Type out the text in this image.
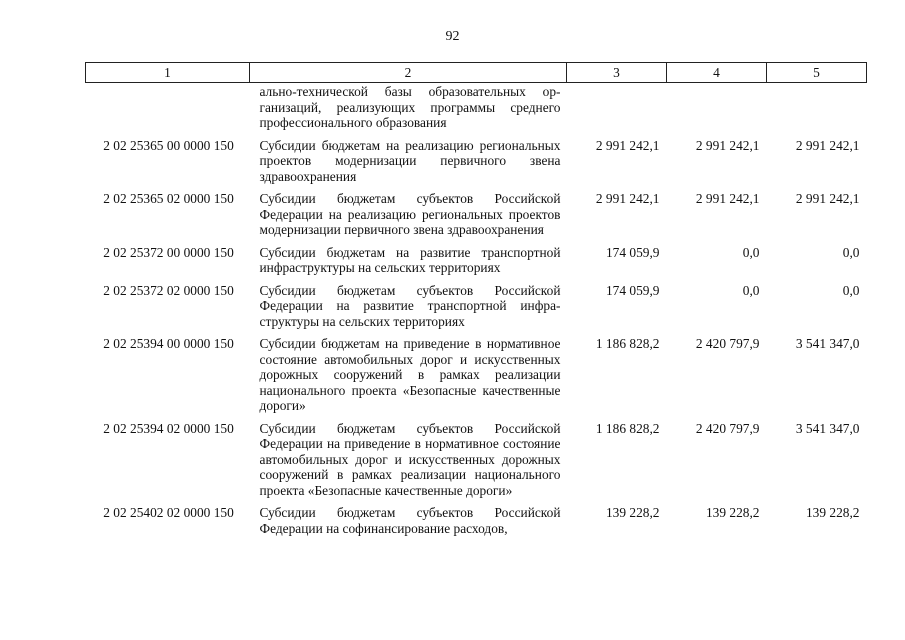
92
1	2	3	4	5
	ально-технической базы образовательных организаций, реализующих программы среднего профессионального образования			
2 02 25365 00 0000 150	Субсидии бюджетам на реализацию региональных проектов модернизации первичного звена здравоохранения	2 991 242,1	2 991 242,1	2 991 242,1
2 02 25365 02 0000 150	Субсидии бюджетам субъектов Российской Федерации на реализацию региональных проектов модернизации первичного звена здравоохранения	2 991 242,1	2 991 242,1	2 991 242,1
2 02 25372 00 0000 150	Субсидии бюджетам на развитие транспортной инфраструктуры на сельских территориях	174 059,9	0,0	0,0
2 02 25372 02 0000 150	Субсидии бюджетам субъектов Российской Федерации на развитие транспортной инфраструктуры на сельских территориях	174 059,9	0,0	0,0
2 02 25394 00 0000 150	Субсидии бюджетам на приведение в нормативное состояние автомобильных дорог и искусственных дорожных сооружений в рамках реализации национального проекта «Безопасные качественные дороги»	1 186 828,2	2 420 797,9	3 541 347,0
2 02 25394 02 0000 150	Субсидии бюджетам субъектов Российской Федерации на приведение в нормативное состояние автомобильных дорог и искусственных дорожных сооружений в рамках реализации национального проекта «Безопасные качественные дороги»	1 186 828,2	2 420 797,9	3 541 347,0
2 02 25402 02 0000 150	Субсидии бюджетам субъектов Российской Федерации на софинансирование расходов,	139 228,2	139 228,2	139 228,2
